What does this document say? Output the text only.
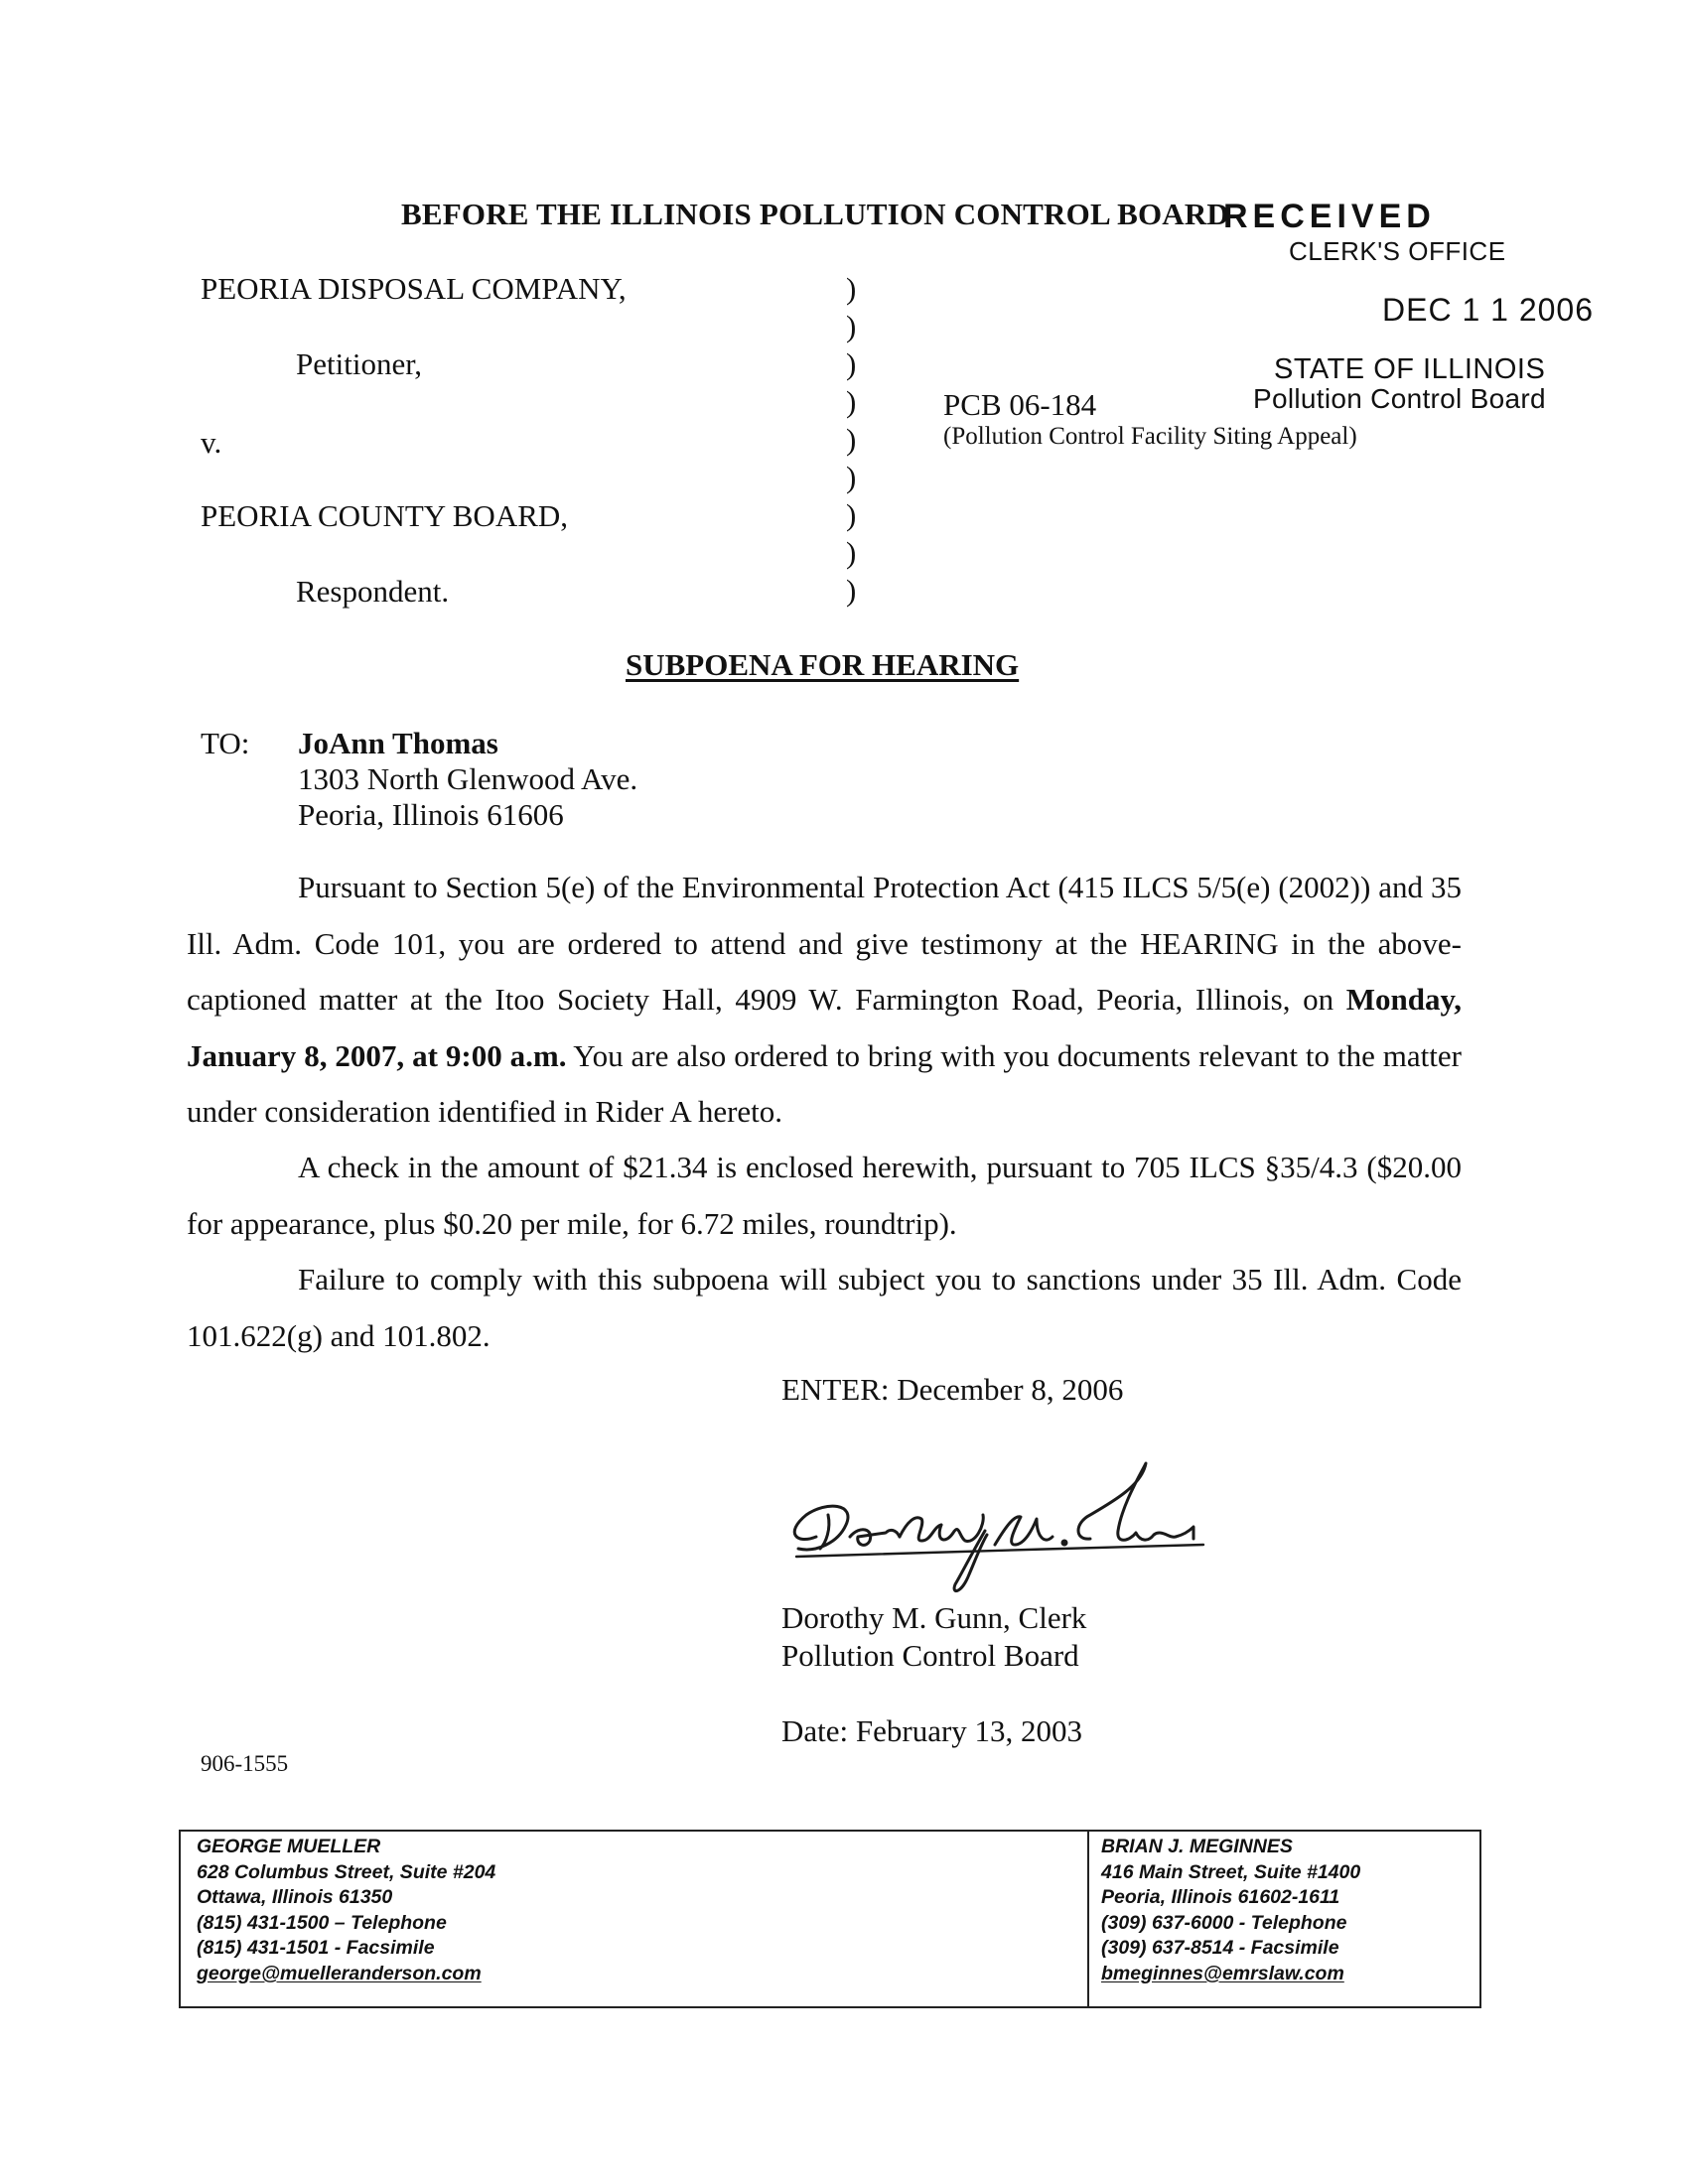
BEFORE THE ILLINOIS POLLUTION CONTROL BOARD
RECEIVED
CLERK'S OFFICE
DEC 1 1 2006
STATE OF ILLINOIS
Pollution Control Board
PEORIA DISPOSAL COMPANY,
Petitioner,
v.
PEORIA COUNTY BOARD,
Respondent.
)
)
)
)
)
)
)
)
)
PCB 06-184
(Pollution Control Facility Siting Appeal)
SUBPOENA FOR HEARING
TO: JoAnn Thomas
1303 North Glenwood Ave.
Peoria, Illinois 61606
Pursuant to Section 5(e) of the Environmental Protection Act (415 ILCS 5/5(e) (2002)) and 35 Ill. Adm. Code 101, you are ordered to attend and give testimony at the HEARING in the above-captioned matter at the Itoo Society Hall, 4909 W. Farmington Road, Peoria, Illinois, on Monday, January 8, 2007, at 9:00 a.m. You are also ordered to bring with you documents relevant to the matter under consideration identified in Rider A hereto.
A check in the amount of $21.34 is enclosed herewith, pursuant to 705 ILCS §35/4.3 ($20.00 for appearance, plus $0.20 per mile, for 6.72 miles, roundtrip).
Failure to comply with this subpoena will subject you to sanctions under 35 Ill. Adm. Code 101.622(g) and 101.802.
ENTER: December 8, 2006
Dorothy M. Gunn, Clerk
Pollution Control Board
Date: February 13, 2003
906-1555
GEORGE MUELLER
628 Columbus Street, Suite #204
Ottawa, Illinois 61350
(815) 431-1500 – Telephone
(815) 431-1501 - Facsimile
george@muelleranderson.com
BRIAN J. MEGINNES
416 Main Street, Suite #1400
Peoria, Illinois 61602-1611
(309) 637-6000 - Telephone
(309) 637-8514 - Facsimile
bmeginnes@emrslaw.com
